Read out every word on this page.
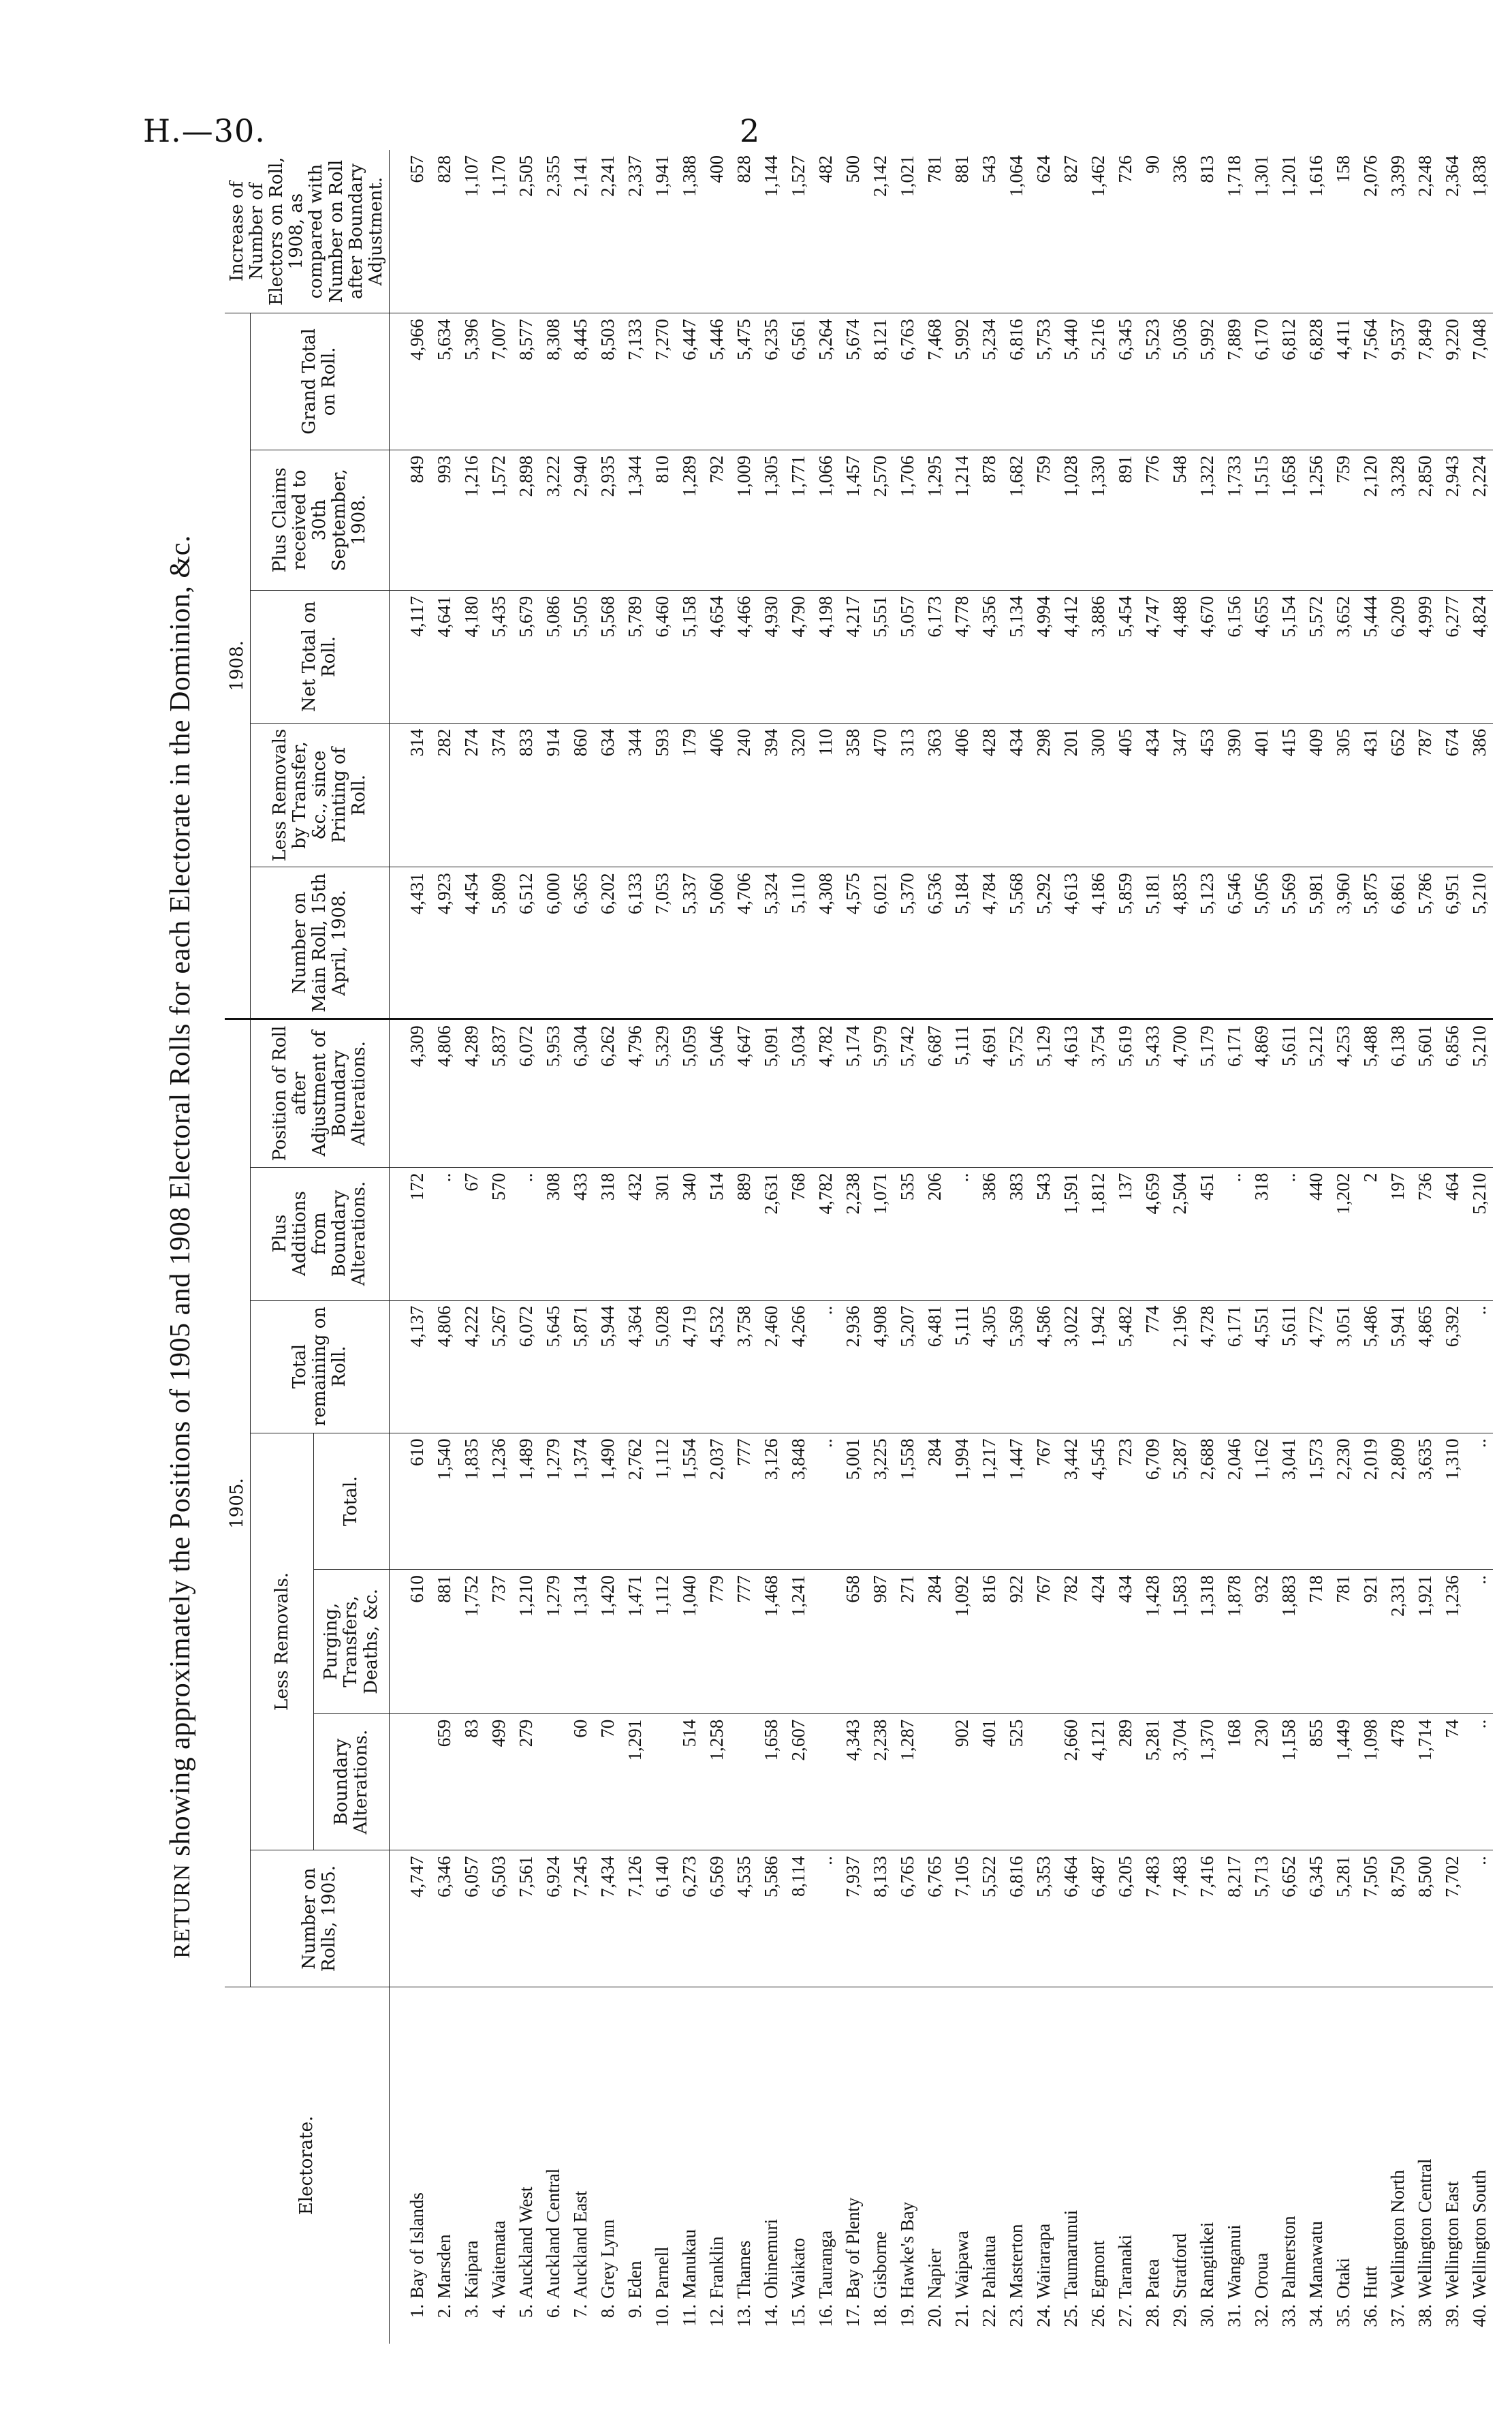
H.—30.	2
RETURN showing approximately the Positions of 1905 and 1908 Electoral Rolls for each Electorate in the Dominion, &c.
Electorate.	1905.							1908.					Increase of Number of Electors on Roll, 1908, as compared with Number on Roll after Boundary Adjustment.
	Number on Rolls, 1905.	Less Removals.			Total remaining on Roll.	Plus Additions from Boundary Alterations.	Position of Roll after Adjustment of Boundary Alterations.	Number on Main Roll, 15th April, 1908.	Less Removals by Transfer, &c., since Printing of Roll.	Net Total on Roll.	Plus Claims received to 30th September, 1908.	Grand Total on Roll.	
		Boundary Alterations.	Purging, Transfers, Deaths, &c.	Total.									
1.Bay of Islands	4,747		610	610	4,137	172	4,309	4,431	314	4,117	849	4,966	657
2.Marsden	6,346	659	881	1,540	4,806	..	4,806	4,923	282	4,641	993	5,634	828
3.Kaipara	6,057	83	1,752	1,835	4,222	67	4,289	4,454	274	4,180	1,216	5,396	1,107
4.Waitemata	6,503	499	737	1,236	5,267	570	5,837	5,809	374	5,435	1,572	7,007	1,170
5.Auckland West	7,561	279	1,210	1,489	6,072	..	6,072	6,512	833	5,679	2,898	8,577	2,505
6.Auckland Central	6,924		1,279	1,279	5,645	308	5,953	6,000	914	5,086	3,222	8,308	2,355
7.Auckland East	7,245	60	1,314	1,374	5,871	433	6,304	6,365	860	5,505	2,940	8,445	2,141
8.Grey Lynn	7,434	70	1,420	1,490	5,944	318	6,262	6,202	634	5,568	2,935	8,503	2,241
9.Eden	7,126	1,291	1,471	2,762	4,364	432	4,796	6,133	344	5,789	1,344	7,133	2,337
10.Parnell	6,140		1,112	1,112	5,028	301	5,329	7,053	593	6,460	810	7,270	1,941
11.Manukau	6,273	514	1,040	1,554	4,719	340	5,059	5,337	179	5,158	1,289	6,447	1,388
12.Franklin	6,569	1,258	779	2,037	4,532	514	5,046	5,060	406	4,654	792	5,446	400
13.Thames	4,535		777	777	3,758	889	4,647	4,706	240	4,466	1,009	5,475	828
14.Ohinemuri	5,586	1,658	1,468	3,126	2,460	2,631	5,091	5,324	394	4,930	1,305	6,235	1,144
15.Waikato	8,114	2,607	1,241	3,848	4,266	768	5,034	5,110	320	4,790	1,771	6,561	1,527
16.Tauranga	..			..	..	4,782	4,782	4,308	110	4,198	1,066	5,264	482
17.Bay of Plenty	7,937	4,343	658	5,001	2,936	2,238	5,174	4,575	358	4,217	1,457	5,674	500
18.Gisborne	8,133	2,238	987	3,225	4,908	1,071	5,979	6,021	470	5,551	2,570	8,121	2,142
19.Hawke's Bay	6,765	1,287	271	1,558	5,207	535	5,742	5,370	313	5,057	1,706	6,763	1,021
20.Napier	6,765		284	284	6,481	206	6,687	6,536	363	6,173	1,295	7,468	781
21.Waipawa	7,105	902	1,092	1,994	5,111	..	5,111	5,184	406	4,778	1,214	5,992	881
22.Pahiatua	5,522	401	816	1,217	4,305	386	4,691	4,784	428	4,356	878	5,234	543
23.Masterton	6,816	525	922	1,447	5,369	383	5,752	5,568	434	5,134	1,682	6,816	1,064
24.Wairarapa	5,353		767	767	4,586	543	5,129	5,292	298	4,994	759	5,753	624
25.Taumarunui	6,464	2,660	782	3,442	3,022	1,591	4,613	4,613	201	4,412	1,028	5,440	827
26.Egmont	6,487	4,121	424	4,545	1,942	1,812	3,754	4,186	300	3,886	1,330	5,216	1,462
27.Taranaki	6,205	289	434	723	5,482	137	5,619	5,859	405	5,454	891	6,345	726
28.Patea	7,483	5,281	1,428	6,709	774	4,659	5,433	5,181	434	4,747	776	5,523	90
29.Stratford	7,483	3,704	1,583	5,287	2,196	2,504	4,700	4,835	347	4,488	548	5,036	336
30.Rangitikei	7,416	1,370	1,318	2,688	4,728	451	5,179	5,123	453	4,670	1,322	5,992	813
31.Wanganui	8,217	168	1,878	2,046	6,171	..	6,171	6,546	390	6,156	1,733	7,889	1,718
32.Oroua	5,713	230	932	1,162	4,551	318	4,869	5,056	401	4,655	1,515	6,170	1,301
33.Palmerston	6,652	1,158	1,883	3,041	5,611	..	5,611	5,569	415	5,154	1,658	6,812	1,201
34.Manawatu	6,345	855	718	1,573	4,772	440	5,212	5,981	409	5,572	1,256	6,828	1,616
35.Otaki	5,281	1,449	781	2,230	3,051	1,202	4,253	3,960	305	3,652	759	4,411	158
36.Hutt	7,505	1,098	921	2,019	5,486	2	5,488	5,875	431	5,444	2,120	7,564	2,076
37.Wellington North	8,750	478	2,331	2,809	5,941	197	6,138	6,861	652	6,209	3,328	9,537	3,399
38.Wellington Central	8,500	1,714	1,921	3,635	4,865	736	5,601	5,786	787	4,999	2,850	7,849	2,248
39.Wellington East	7,702	74	1,236	1,310	6,392	464	6,856	6,951	674	6,277	2,943	9,220	2,364
40.Wellington South	..	..	..	..	..	5,210	5,210	5,210	386	4,824	2,224	7,048	1,838
